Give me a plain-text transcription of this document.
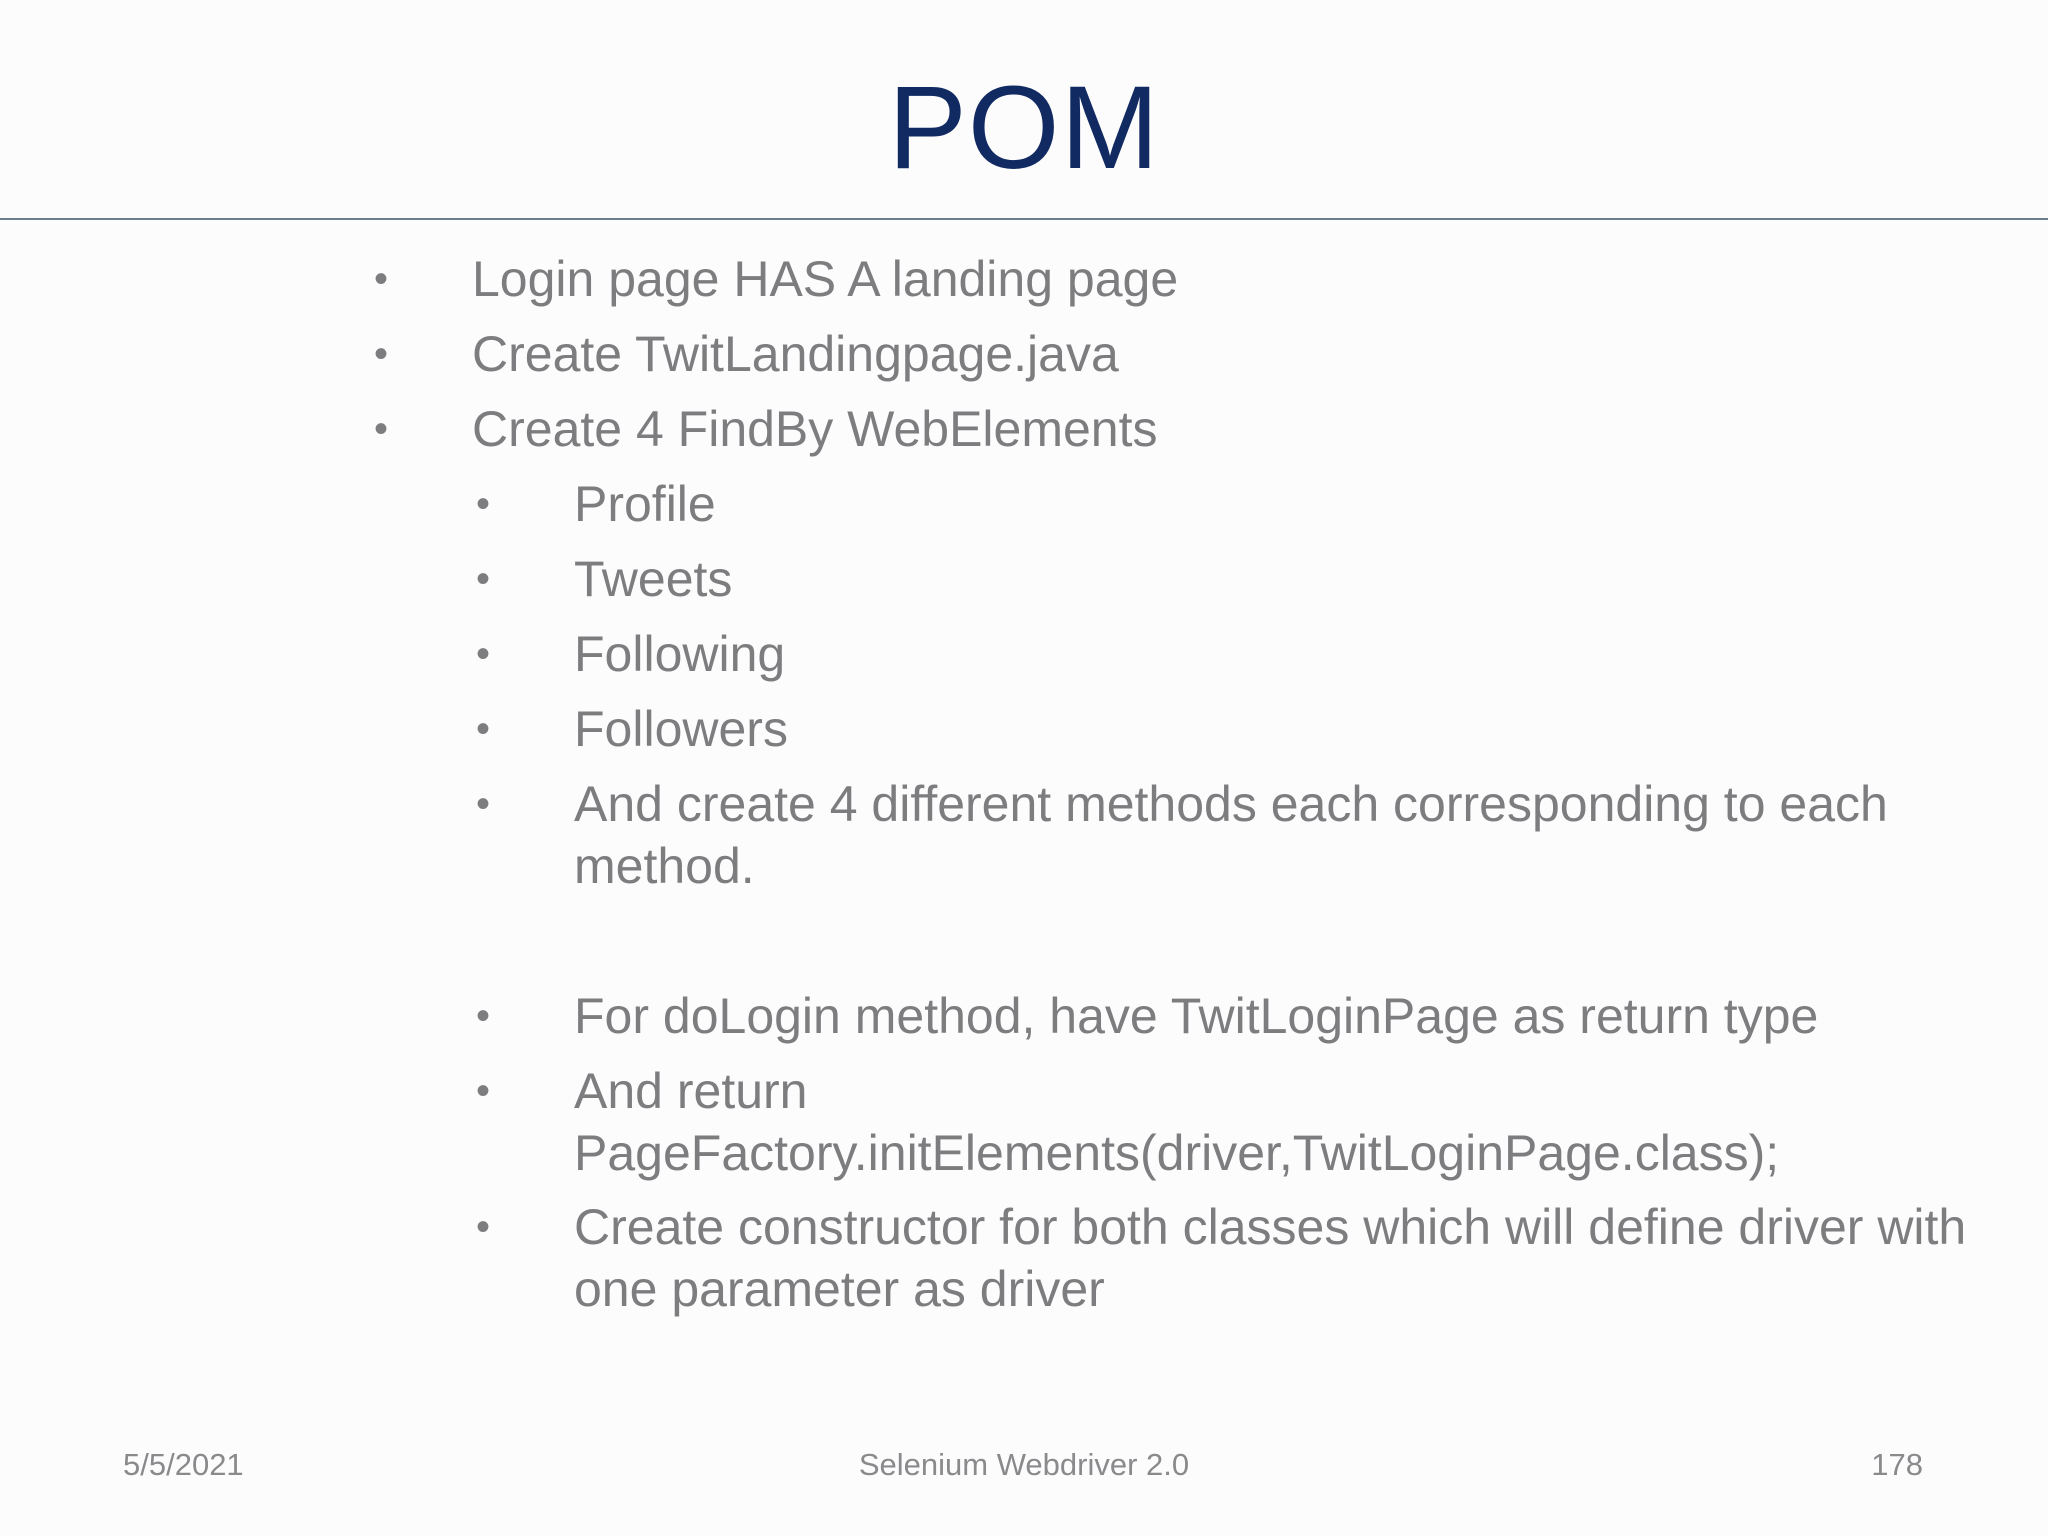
POM
• Login page HAS A landing page
• Create TwitLandingpage.java
• Create 4 FindBy WebElements
• Profile
• Tweets
• Following
• Followers
• And create 4 different methods each corresponding to each method.
• For doLogin method, have TwitLoginPage as return type
• And return PageFactory.initElements(driver,TwitLoginPage.class);
• Create constructor for both classes which will define driver with one parameter as driver
5/5/2021	Selenium Webdriver 2.0	178
